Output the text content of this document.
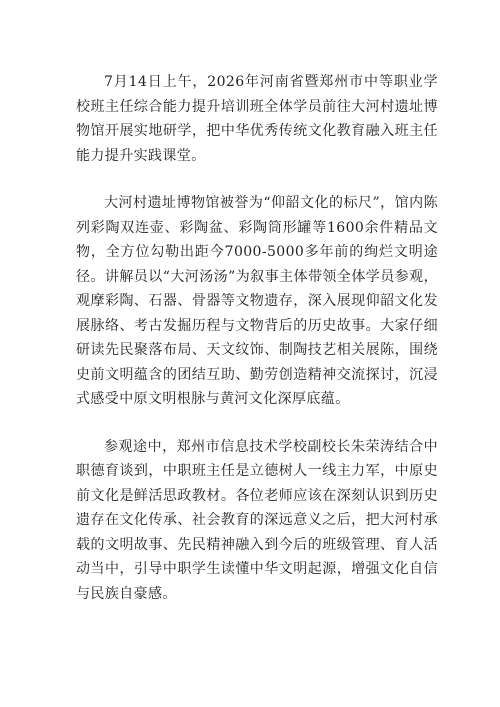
7月14日上午，2026年河南省暨郑州市中等职业学校班主任综合能力提升培训班全体学员前往大河村遗址博物馆开展实地研学，把中华优秀传统文化教育融入班主任能力提升实践课堂。

大河村遗址博物馆被誉为“仰韶文化的标尺”，馆内陈列彩陶双连壶、彩陶盆、彩陶筒形罐等1600余件精品文物，全方位勾勒出距今7000-5000多年前的绚烂文明途径。讲解员以“大河汤汤”为叙事主体带领全体学员参观，观摩彩陶、石器、骨器等文物遗存，深入展现仰韶文化发展脉络、考古发掘历程与文物背后的历史故事。大家仔细研读先民聚落布局、天文纹饰、制陶技艺相关展陈，围绕史前文明蕴含的团结互助、勤劳创造精神交流探讨，沉浸式感受中原文明根脉与黄河文化深厚底蕴。

参观途中，郑州市信息技术学校副校长朱荣涛结合中职德育谈到，中职班主任是立德树人一线主力军，中原史前文化是鲜活思政教材。各位老师应该在深刻认识到历史遗存在文化传承、社会教育的深远意义之后，把大河村承载的文明故事、先民精神融入到今后的班级管理、育人活动当中，引导中职学生读懂中华文明起源，增强文化自信与民族自豪感。
